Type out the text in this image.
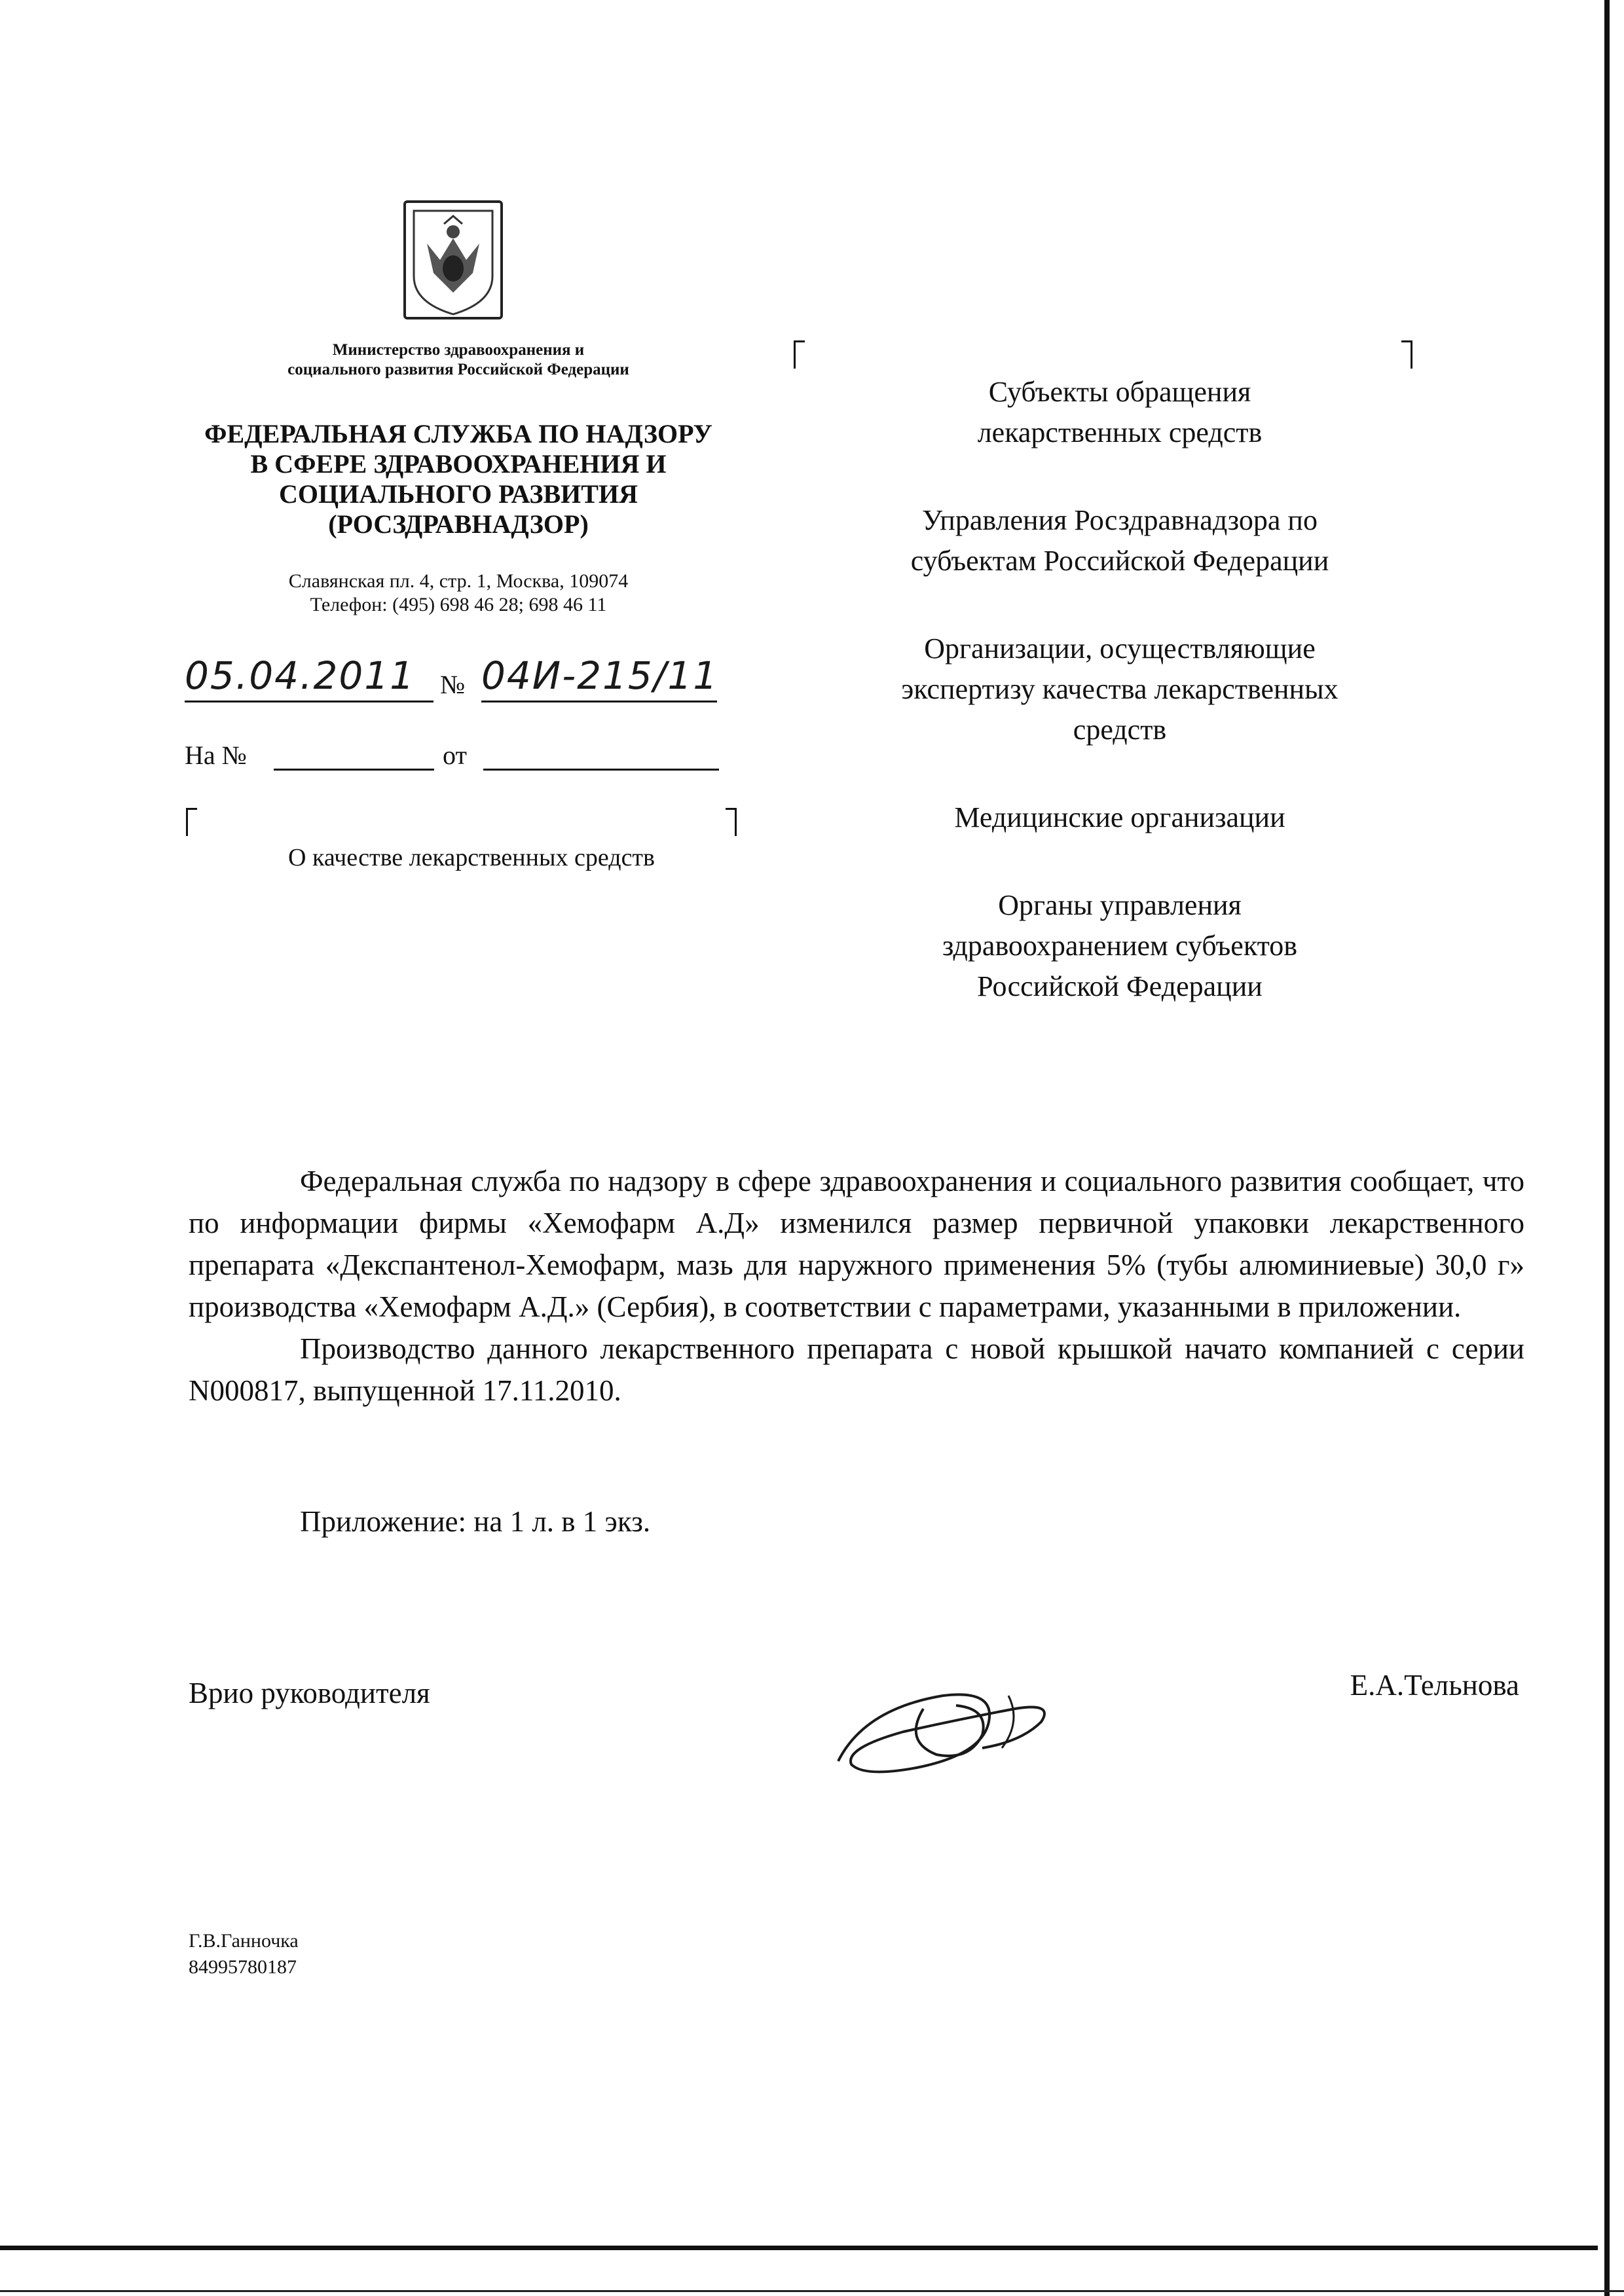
Министерство здравоохранения и
социального развития Российской Федерации
ФЕДЕРАЛЬНАЯ СЛУЖБА ПО НАДЗОРУ
В СФЕРЕ ЗДРАВООХРАНЕНИЯ И
СОЦИАЛЬНОГО РАЗВИТИЯ
(РОСЗДРАВНАДЗОР)
Славянская пл. 4, стр. 1, Москва, 109074
Телефон: (495) 698 46 28; 698 46 11
05.04.2011 № 04И-215/11
На №	от
О качестве лекарственных средств

Субъекты обращения
лекарственных средств

Управления Росздравнадзора по
субъектам Российской Федерации

Организации, осуществляющие
экспертизу качества лекарственных
средств

Медицинские организации

Органы управления
здравоохранением субъектов
Российской Федерации

Федеральная служба по надзору в сфере здравоохранения и социального развития сообщает, что по информации фирмы «Хемофарм А.Д» изменился размер первичной упаковки лекарственного препарата «Декспантенол-Хемофарм, мазь для наружного применения 5% (тубы алюминиевые) 30,0 г» производства «Хемофарм А.Д.» (Сербия), в соответствии с параметрами, указанными в приложении.

Производство данного лекарственного препарата с новой крышкой начато компанией с серии N000817, выпущенной 17.11.2010.

Приложение: на 1 л. в 1 экз.
Врио руководителя	Е.А.Тельнова
Г.В.Ганночка
84995780187
